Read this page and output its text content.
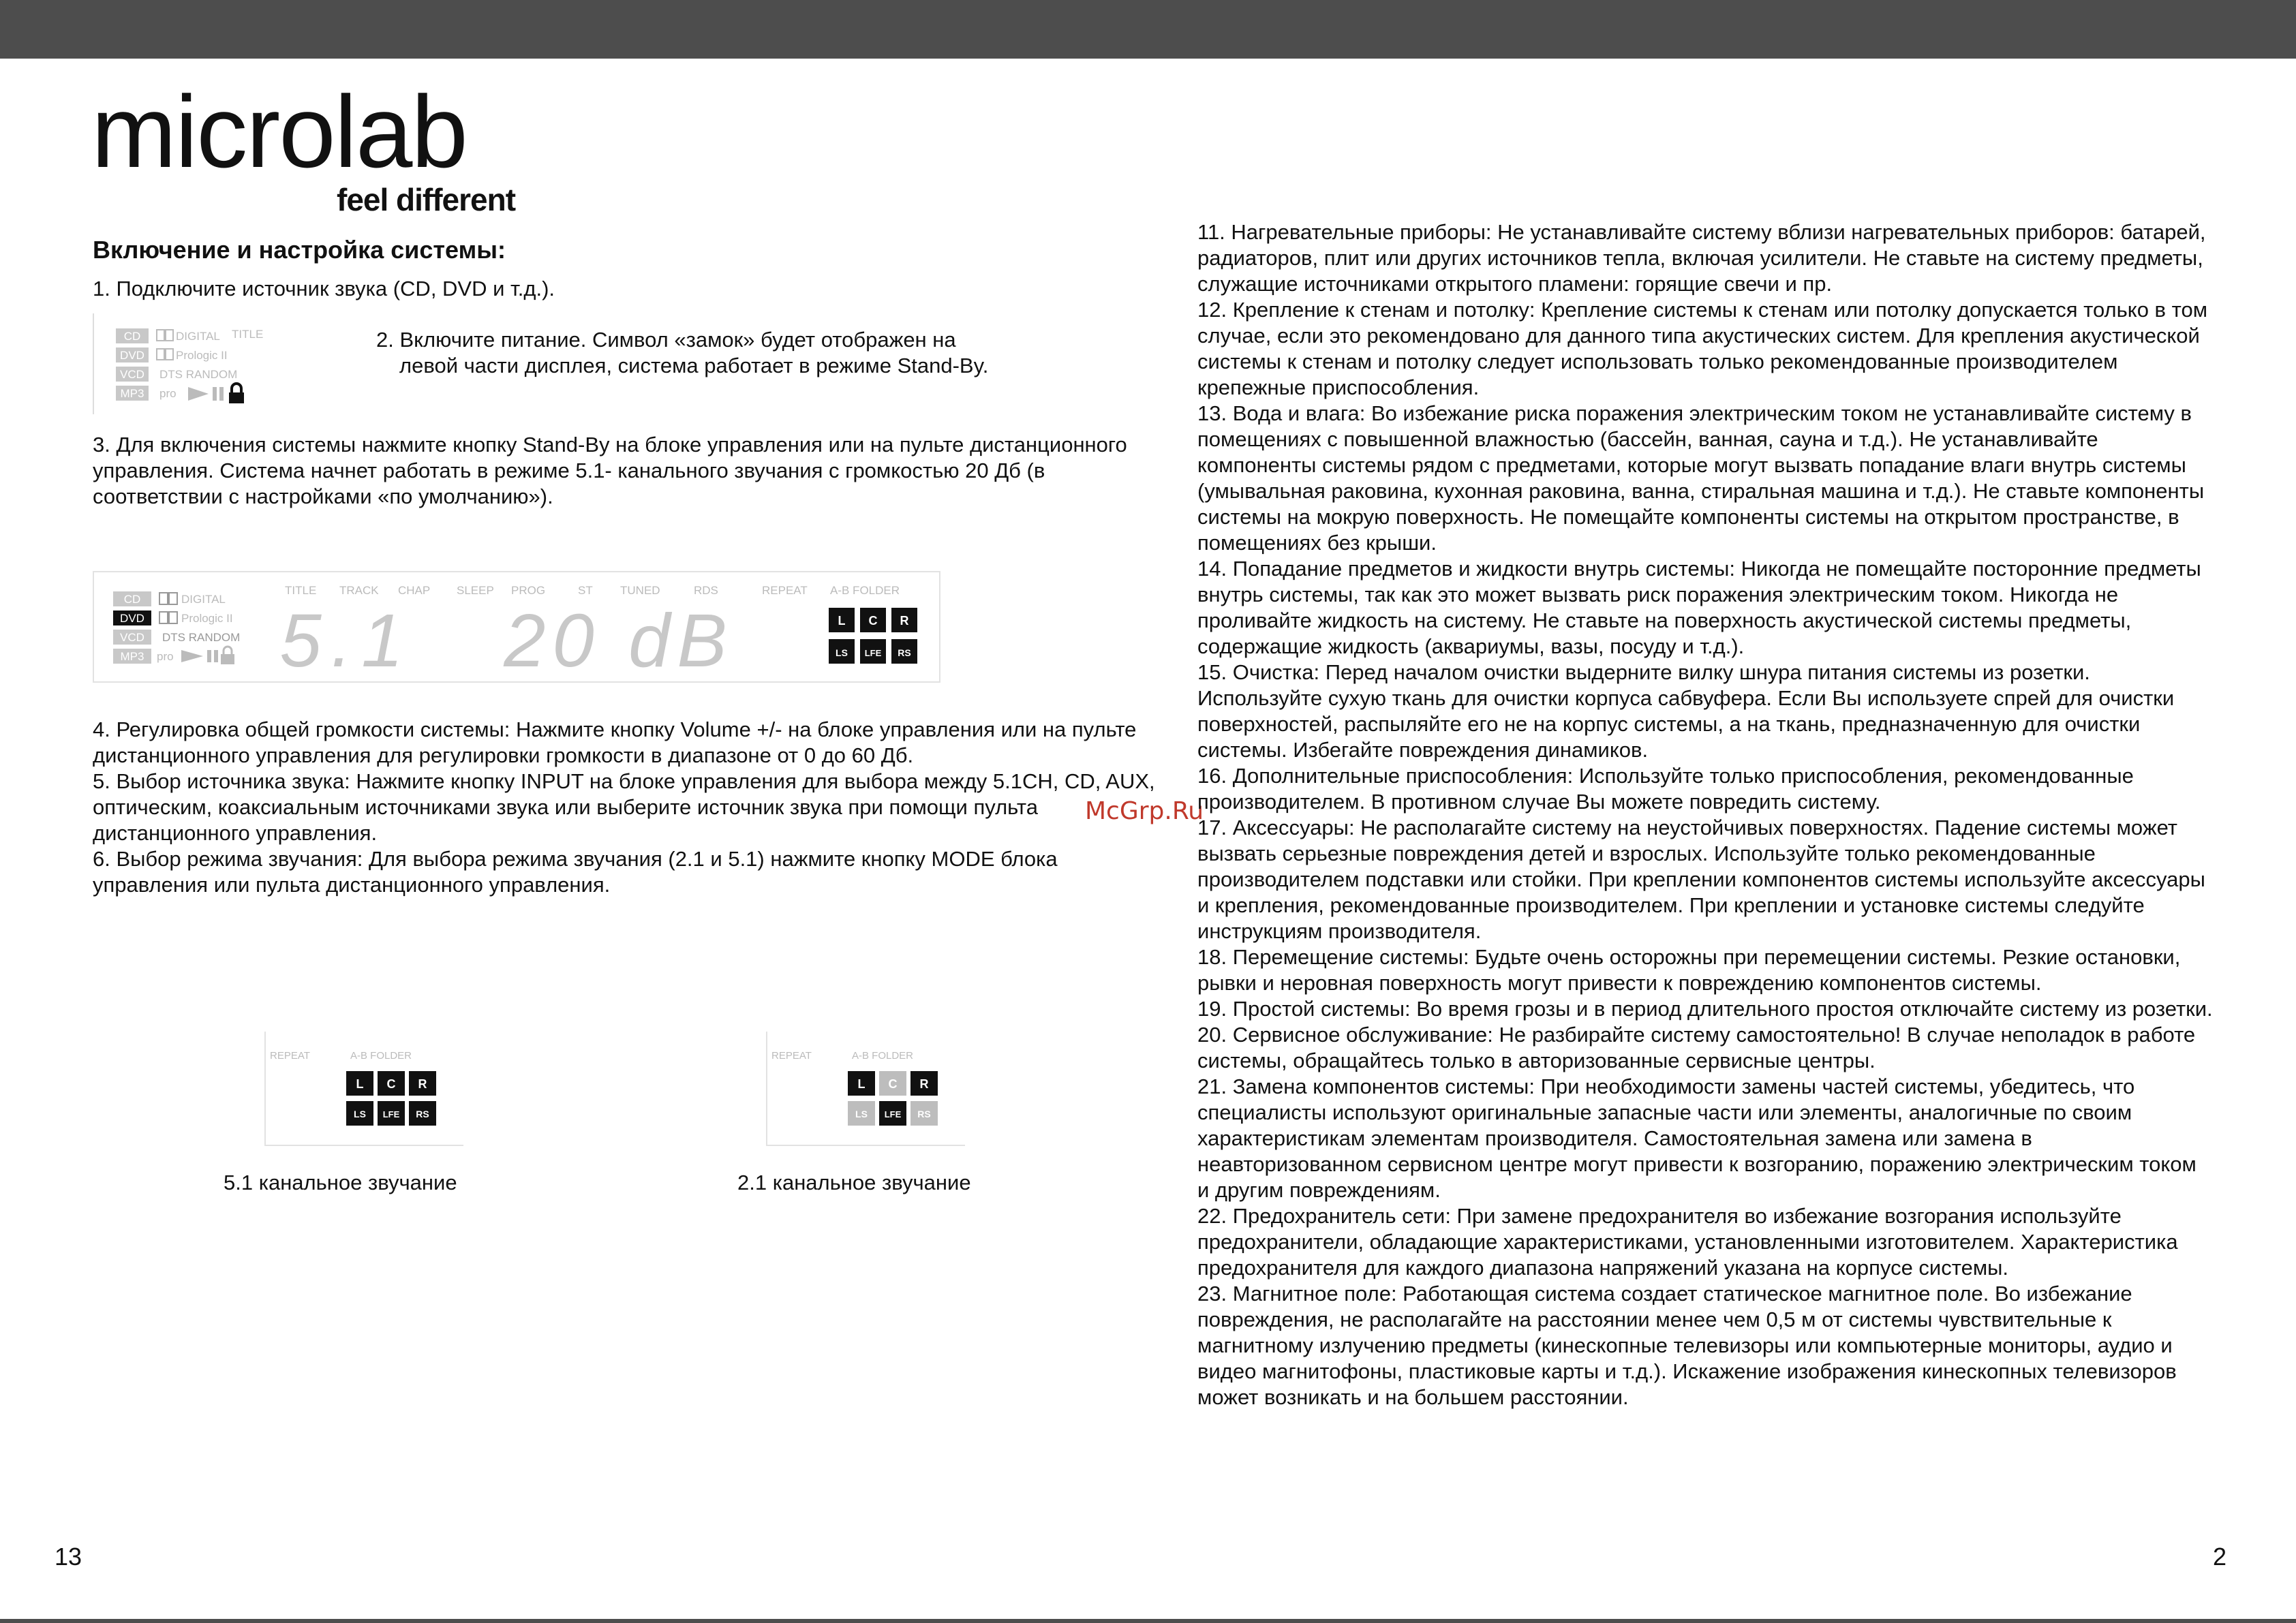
microlab
feel different
Включение и настройка системы:
1. Подключите источник звука (CD, DVD и т.д.).
CD
DVD
VCD
MP3
DIGITAL
Prologic II
DTS RANDOM
pro
TITLE	2. Включите питание. Символ «замок» будет отображен на
левой части дисплея, система работает в режиме Stand-By.
3. Для включения системы нажмите кнопку Stand-By на блоке управления или на пульте дистанционного управления. Система начнет работать в режиме 5.1- канального звучания с громкостью 20 Дб (в соответствии с настройками «по умолчанию»).
CD
DVD
VCD
MP3
DIGITAL
Prologic II
DTS RANDOM
pro
TITLE TRACK CHAP SLEEP PROG	ST TUNED	RDS	REPEAT A-B FOLDER
5.1 20 dB	L C R
LS LFE RS

4. Регулировка общей громкости системы: Нажмите кнопку Volume +/- на блоке управления или на пульте дистанционного управления для регулировки громкости в диапазоне от 0 до 60 Дб.

5. Выбор источника звука: Нажмите кнопку INPUT на блоке управления для выбора между 5.1CH, CD, AUX, оптическим, коаксиальным источниками звука или выберите источник звука при помощи пульта дистанционного управления.

6. Выбор режима звучания: Для выбора режима звучания (2.1 и 5.1) нажмите кнопку MODE блока управления или пульта дистанционного управления.

McGrp.Ru
REPEAT	A-B FOLDER
L C R
LS LFE RS
REPEAT	A-B FOLDER
L C R
LS LFE RS
5.1 канальное звучание	2.1 канальное звучание

11. Нагревательные приборы: Не устанавливайте систему вблизи нагревательных приборов: батарей, радиаторов, плит или других источников тепла, включая усилители. Не ставьте на систему предметы, служащие источниками открытого пламени: горящие свечи и пр.

12. Крепление к стенам и потолку: Крепление системы к стенам или потолку допускается только в том случае, если это рекомендовано для данного типа акустических систем. Для крепления акустической системы к стенам и потолку следует использовать только рекомендованные производителем крепежные приспособления.

13. Вода и влага: Во избежание риска поражения электрическим током не устанавливайте систему в помещениях с повышенной влажностью (бассейн, ванная, сауна и т.д.). Не устанавливайте компоненты системы рядом с предметами, которые могут вызвать попадание влаги внутрь системы (умывальная раковина, кухонная раковина, ванна, стиральная машина и т.д.). Не ставьте компоненты системы на мокрую поверхность. Не помещайте компоненты системы на открытом пространстве, в помещениях без крыши.

14. Попадание предметов и жидкости внутрь системы: Никогда не помещайте посторонние предметы внутрь системы, так как это может вызвать риск поражения электрическим током. Никогда не проливайте жидкость на систему. Не ставьте на поверхность акустической системы предметы, содержащие жидкость (аквариумы, вазы, посуду и т.д.).

15. Очистка: Перед началом очистки выдерните вилку шнура питания системы из розетки. Используйте сухую ткань для очистки корпуса сабвуфера. Если Вы используете спрей для очистки поверхностей, распыляйте его не на корпус системы, а на ткань, предназначенную для очистки системы. Избегайте повреждения динамиков.

16. Дополнительные приспособления: Используйте только приспособления, рекомендованные производителем. В противном случае Вы можете повредить систему.

17. Аксессуары: Не располагайте систему на неустойчивых поверхностях. Падение системы может вызвать серьезные повреждения детей и взрослых. Используйте только рекомендованные производителем подставки или стойки. При креплении компонентов системы используйте аксессуары и крепления, рекомендованные производителем. При креплении и установке системы следуйте инструкциям производителя.

18. Перемещение системы: Будьте очень осторожны при перемещении системы. Резкие остановки, рывки и неровная поверхность могут привести к повреждению компонентов системы.

19. Простой системы: Во время грозы и в период длительного простоя отключайте систему из розетки.

20. Сервисное обслуживание: Не разбирайте систему самостоятельно! В случае неполадок в работе системы, обращайтесь только в авторизованные сервисные центры.

21. Замена компонентов системы: При необходимости замены частей системы, убедитесь, что специалисты используют оригинальные запасные части или элементы, аналогичные по своим характеристикам элементам производителя. Самостоятельная замена или замена в неавторизованном сервисном центре могут привести к возгоранию, поражению электрическим током и другим повреждениям.

22. Предохранитель сети: При замене предохранителя во избежание возгорания используйте предохранители, обладающие характеристиками, установленными изготовителем. Характеристика предохранителя для каждого диапазона напряжений указана на корпусе системы.

23. Магнитное поле: Работающая система создает статическое магнитное поле. Во избежание повреждения, не располагайте на расстоянии менее чем 0,5 м от системы чувствительные к магнитному излучению предметы (кинескопные телевизоры или компьютерные мониторы, аудио и видео магнитофоны, пластиковые карты и т.д.). Искажение изображения кинескопных телевизоров может возникать и на большем расстоянии.

13	2
